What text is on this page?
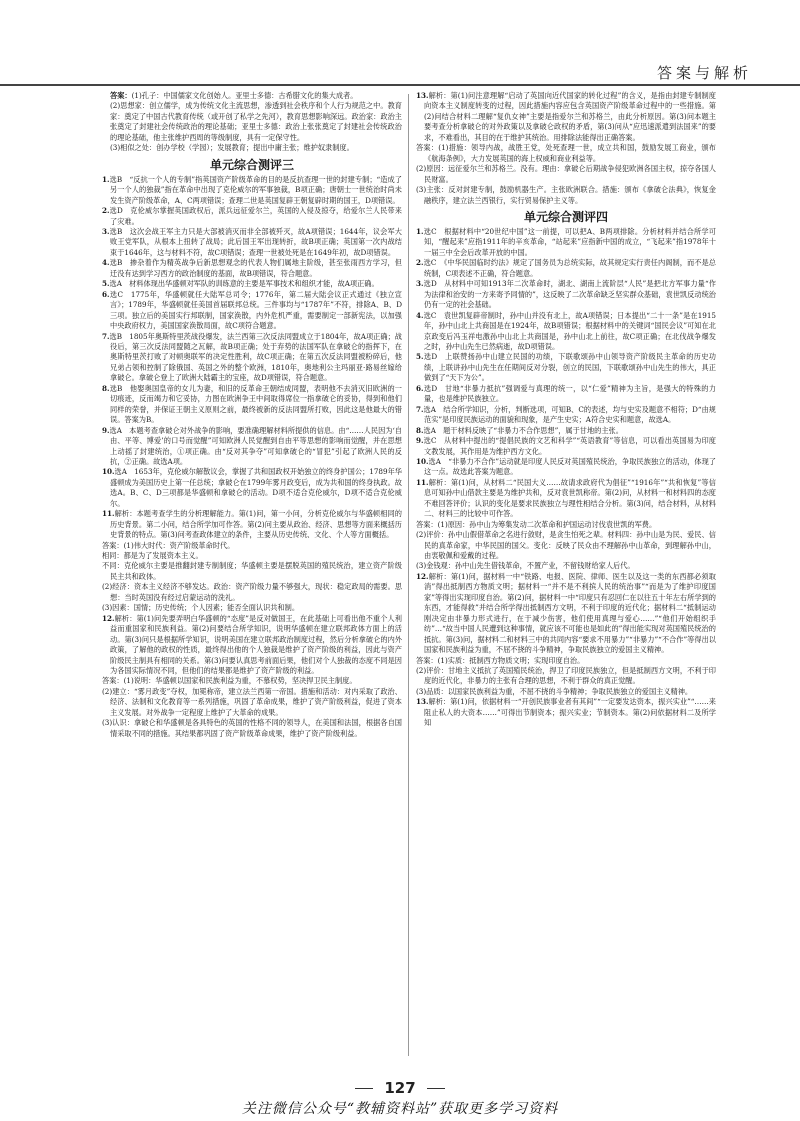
答案与解析
答案：(1)孔子：中国儒家文化创始人。亚里士多德：古希腊文化的集大成者。
(2)思想家：创立儒学，成为传统文化主流思想，渗透到社会秩序和个人行为规范之中。教育家：奠定了中国古代教育传统（或开创了私学之先河），教育思想影响深远。政治家：政治主张奠定了封建社会传统政治的理论基础；亚里士多德：政治上张张奠定了封建社会传统政治的理论基础，他主张维护西周的等级制度，具有一定保守性。
(3)相似之处：创办学校（学园）；发展教育；提出中庸主张；维护奴隶制度。
单元综合测评三
1.选B　“反抗一个人的专制”指英国资产阶级革命的目的是反抗查理一世的封建专制；“造成了另一个人的独裁”指在革命中出现了克伦威尔的军事独裁，B项正确；唐朝士一世统治时尚未发生资产阶级革命，A、C两项错误；查理二世是英国复辟王朝复辟时期的国王，D项错误。
2.选D　克伦威尔掌握英国政权后，派兵远征爱尔兰，英国的入侵及掠夺，给爱尔兰人民带来了灾难。
3.选B　这次会战王军主力只是大部被消灭而非全部被歼灭，故A项错误；1644年，议会军大败王党军队，从根本上扭转了战局；此后国王军出现转折，故B项正确；英国第一次内战结束于1646年，这与材料不符，故C项错误；查理一世被处死是在1649年初，故D项错误。
4.选B　掺杂着作为精英战争后新思想观念的代表人物们属地主阶级，甚至张雨西方学习，但迁没有达到学习西方的政治制度的基面，故B项错误，符合题意。
5.选A　材料体现出华盛顿对军队的训练意的主要是军事技术和组织才能，故A项正确。
6.选C　1775年，华盛顿就任大陆军总司令；1776年，第二届大陆会议正式通过《独立宣言》；1789年，华盛顿就任美国首届联邦总统。三件事均与“1787年”不符，排除A、B、D三项。独立后的美国实行邦联制，国家涣散，内外危机严重，需要制定一部新宪法，以加强中央政府权力，美国国家涣散局面，故C项符合题意。
7.选B　1805年奥斯特里茨战役爆发，法兰西第三次反法同盟成立于1804年，故A项正确；战役后，第三次反法同盟随之瓦解，故B项正确；处于弃势的法国军队在拿破仑的指挥下，在奥斯特里茨打败了对顿奥联军的决定性胜利，故C项正确；在第五次反法同盟被粉碎后，他兄弟占领和控制了除俄国、英国之外的整个欧洲，1810年，奥地利公主玛丽亚·路易丝嫁给拿破仑。拿破仑登上了欧洲大陆霸主的宝座，故D项错误，符合题意。
8.选B　他娶奥国皇帝的女儿为妻，和旧的反革命王朝结成同盟，表明他不去消灭旧欧洲的一切痕迹，反而竭力和它妥协，力图在欧洲争王中间取得席位一指拿破仑的妥协，得到和他们同样的荣誉，并保证王朝主义原则之前，最终被新的反法同盟所打败，因此这是他最大的错误。答案为B。
9.选A　本题考查拿破仑对外战争的影响，要准确理解材料所提供的信息。由“……人民因为‘自由、平等、博爱’的口号而觉醒”可知欧洲人民觉醒到自由平等思想的影响而觉醒，并在思想上动摇了封建统治，①项正确。由“反对其争夺”可知拿破仑的“冒犯”引起了欧洲人民的反抗，②正确。故选A项。
10.选A　1653年，克伦威尔解散议会，掌握了共和国政权开始独立的终身护国公；1789年华盛顿成为美国历史上第一任总统；拿破仑在1799年雾月政变后，成为共和国的终身执政。故选A。B、C、D三项都是华盛顿和拿破仑的活动。D项不适合克伦威尔，D项不适合克伦威尔。
11.解析：本题考查学生的分析理解能力。第(1)问，第一小问，分析克伦威尔与华盛顿相同的历史背景。第二小问，结合所学加可作答。第(2)问主要从政治、经济、思想等方面来概括历史背景的特点。第(3)问考查政体建立的条件，主要从历史传统、文化、个人等方面概括。
答案：(1)伟大时代：资产阶级革命时代。
相同：都是为了发展资本主义。
不同：克伦威尔主要是推翻封建专制制度；华盛顿主要是摆脱英国的殖民统治，建立资产阶级民主共和政体。
(2)经济：资本主义经济不够发达。政治：资产阶级力量不够强大，现状：稳定政局的需要。思想：当时英国没有经过启蒙运动的洗礼。
(3)因素：国情；历史传统；个人因素；能否全面认识共和制。
12.解析：第(1)问先要弄明白华盛顿的“态度”是反对做国王，在此基础上可看出他不重个人利益而重国家和民族利益。第(2)问要结合所学知识，说明华盛顿在建立联邦政体方面上的活动。第(3)问只是根据所学知识，说明美国在建立联邦政治制度过程，然后分析拿破仑的内外政策，了解他的政权的性质，最终得出他的个人独裁是维护了资产阶级的利益，因此与资产阶级民主制具有相同的关系。第(3)问要认真思考前面后果，他们对个人独裁的态度不同是因为各国实际情况不同，但他们的结果都是维护了资产阶级的利益。
答案：(1)说明：华盛顿以国家和民族利益为重，不慕权势，坚决捍卫民主制度。
(2)建立：“雾月政变”夺权，加冕称帝，建立法兰西第一帝国。措施和活动：对内采取了政治、经济、法制和文化教育等一系列措施，巩固了革命成果，维护了资产阶级利益，促进了资本主义发展。对外战争一定程度上维护了大革命的成果。
(3)认识：拿破仑和华盛顿是各具特色的英国的性格不同的领导人，在美国和法国，根据各自国情采取不同的措施。其结果都巩固了资产阶级革命成果，维护了资产阶级利益。
13.解析：第(1)问注意理解“启动了英国向近代国家的转化过程”的含义，是指由封建专制制度向资本主义制度转变的过程，因此措施内容应包含英国资产阶级革命过程中的一些措施。第(2)问结合材料二理解“复仇女神”主要是指爱尔兰和苏格兰，由此分析原因。第(3)问本题主要考查分析拿破仑的对外政策以及拿破仑政权的矛盾，第(3)问从“应迅速派遣到法国来”的要求，不难看出，其目的在于维护其统治。用排除法能得出正确答案。
答案：(1)措施：领导内战，战胜王党，处死查理一世，成立共和国，鼓励发展工商业，颁布《航海条例》，大力发展英国的海上权威和商业利益等。
(2)原因：远征爱尔兰和苏格兰。没有。理由：拿破仑后期战争侵犯欧洲各国主权，掠夺各国人民财富。
(3)主张：反对封建专制，鼓励机器生产。主张欧洲联合。措施：颁布《拿破仑法典》，恢复金融秩序，建立法兰西银行，实行贸易保护主义等。
单元综合测评四
1.选C　根据材料中“20世纪中国”这一前提，可以把A、B两项排除。分析材料并结合所学可知，“醒起来”应指1911年的辛亥革命，“站起来”应指新中国的成立，“飞起来”指1978年十一届三中全会后改革开放的中国。
2.选C　《中华民国临时约法》规定了国务员为总统实际，故其规定实行责任内阁制，而不是总统制，C项表述不正确，符合题意。
3.选D　从材料中可知1913年二次革命时，湖北、湖南上流阶层“人民”是把北方军事力量“作为法律和治安的一方来寄予同情的”，这反映了二次革命缺乏坚实群众基础，袁世凯反动统治仍有一定的社会基础。
4.选C　袁世凯复辟帝制时，孙中山并没有北上，故A项错误；日本提出“二十一条”是在1915年，孙中山北上共商国是在1924年，故B项错误；根据材料中的关键词“国民会议”可知在北京政变后冯玉祥电激孙中山北上共商国是，孙中山北上前往，故C项正确；在北伐战争爆发之时，孙中山先生已然病逝，故D项错误。
5.选D　上联赞扬孙中山建立民国的功绩，下联歌颂孙中山领导资产阶级民主革命的历史功绩，上联讲孙中山先生在任期间反对分裂，创立的民国，下联歌颂孙中山先生的伟大，具正做到了“天下为公”。
6.选D　甘地“非暴力抵抗”强调爱与真理的统一，以“仁爱”精神为主旨，是强大的特殊的力量，也是维护民族独立。
7.选A　结合所学知识，分析，判断选项，可知B、C的表述，均与史实及题意不相符；D“由规范实”是印度民族运动的面貌和现象，是产生史实；A符合史实和题意，故选A。
8.选A　题干材料反映了“非暴力不合作思想”，属于甘地的主张。
9.选C　从材料中提出的“提倡民族的文艺和科学”“英语教育”等信息，可以看出英国易为印度文教发展，其作用是为维护西方文化。
10.选A　“非暴力不合作”运动就是印度人民反对英国殖民统治，争取民族独立的活动，体现了这一点。故选此答案为题意。
11.解析：第(1)问，从材料二“民国大义……故请求政府代为倡征”“1916年”“共和恢复”等信息可知孙中山借款主要是为维护共和，反对袁世凯称帝。第(2)问，从材料一和材料四的态度不难回答评价；认识的变化是要求民族独立与理性相结合分析。第(3)问，结合材料，从材料二、材料三的比较中可作答。
答案：(1)原因：孙中山为筹集发动二次革命和护国运动讨伐袁世凯的军费。
(2)评价：孙中山假借革命之名进行敛财，是贪生怕死之辈。材料四：孙中山是为民、爱民、信民的真革命家，中华民国的国父。变化：反映了民众由不理解孙中山革命，到理解孙中山，由衷敬佩和爱戴的过程。
(3)金钱观：孙中山先生借钱革命，不置产业，不留钱财给家人后代。
12.解析：第(1)问，据材料一中“铁路、电报、医院、律师、医生以及这一类的东西都必须取消”得出抵制西方物质文明；据材料一“并不是不利摈人民的统治事”“而是为了维护印度国家”等得出实现印度自治。第(2)问，据材料一中“印度只有忍回仁在以往五十年左右所学到的东西，才能得救”并结合所学得出抵制西方文明，不利于印度的近代化；据材料二“抵制运动刚决定由非暴力形式进行，在于减少伤害，他们使用真理与爱心……”“他们开始组织手纺”…“故当中国人民遭到这种事情，就应该不可能也是如此的”得出能实现对英国殖民统治的抵抗。第(3)问，据材料二和材料三中的共同内容“要求不用暴力”“非暴力”“不合作”等得出以国家和民族利益为重，不屈不挠的斗争精神，争取民族独立的爱国主义精神。
答案：(1)实质：抵制西方物质文明；实现印度自治。
(2)评价：甘地主义抵抗了英国殖民统治，捍卫了印度民族独立，但是抵制西方文明，不利于印度的近代化，非暴力的主张有合理的思想，不利于群众的真正觉醒。
(3)品质：以国家民族利益为重，不屈不挠的斗争精神；争取民族独立的爱国主义精神。
13.解析：第(1)问，依据材料一“开创民族事业者有其间”“一定要发达资本，振兴实业”“……来阻止私人的大资本……”可得出节制资本；振兴实业；节制资本。第(2)问依据材料二及所学知
127
关注微信公众号“教辅资料站”获取更多学习资料
